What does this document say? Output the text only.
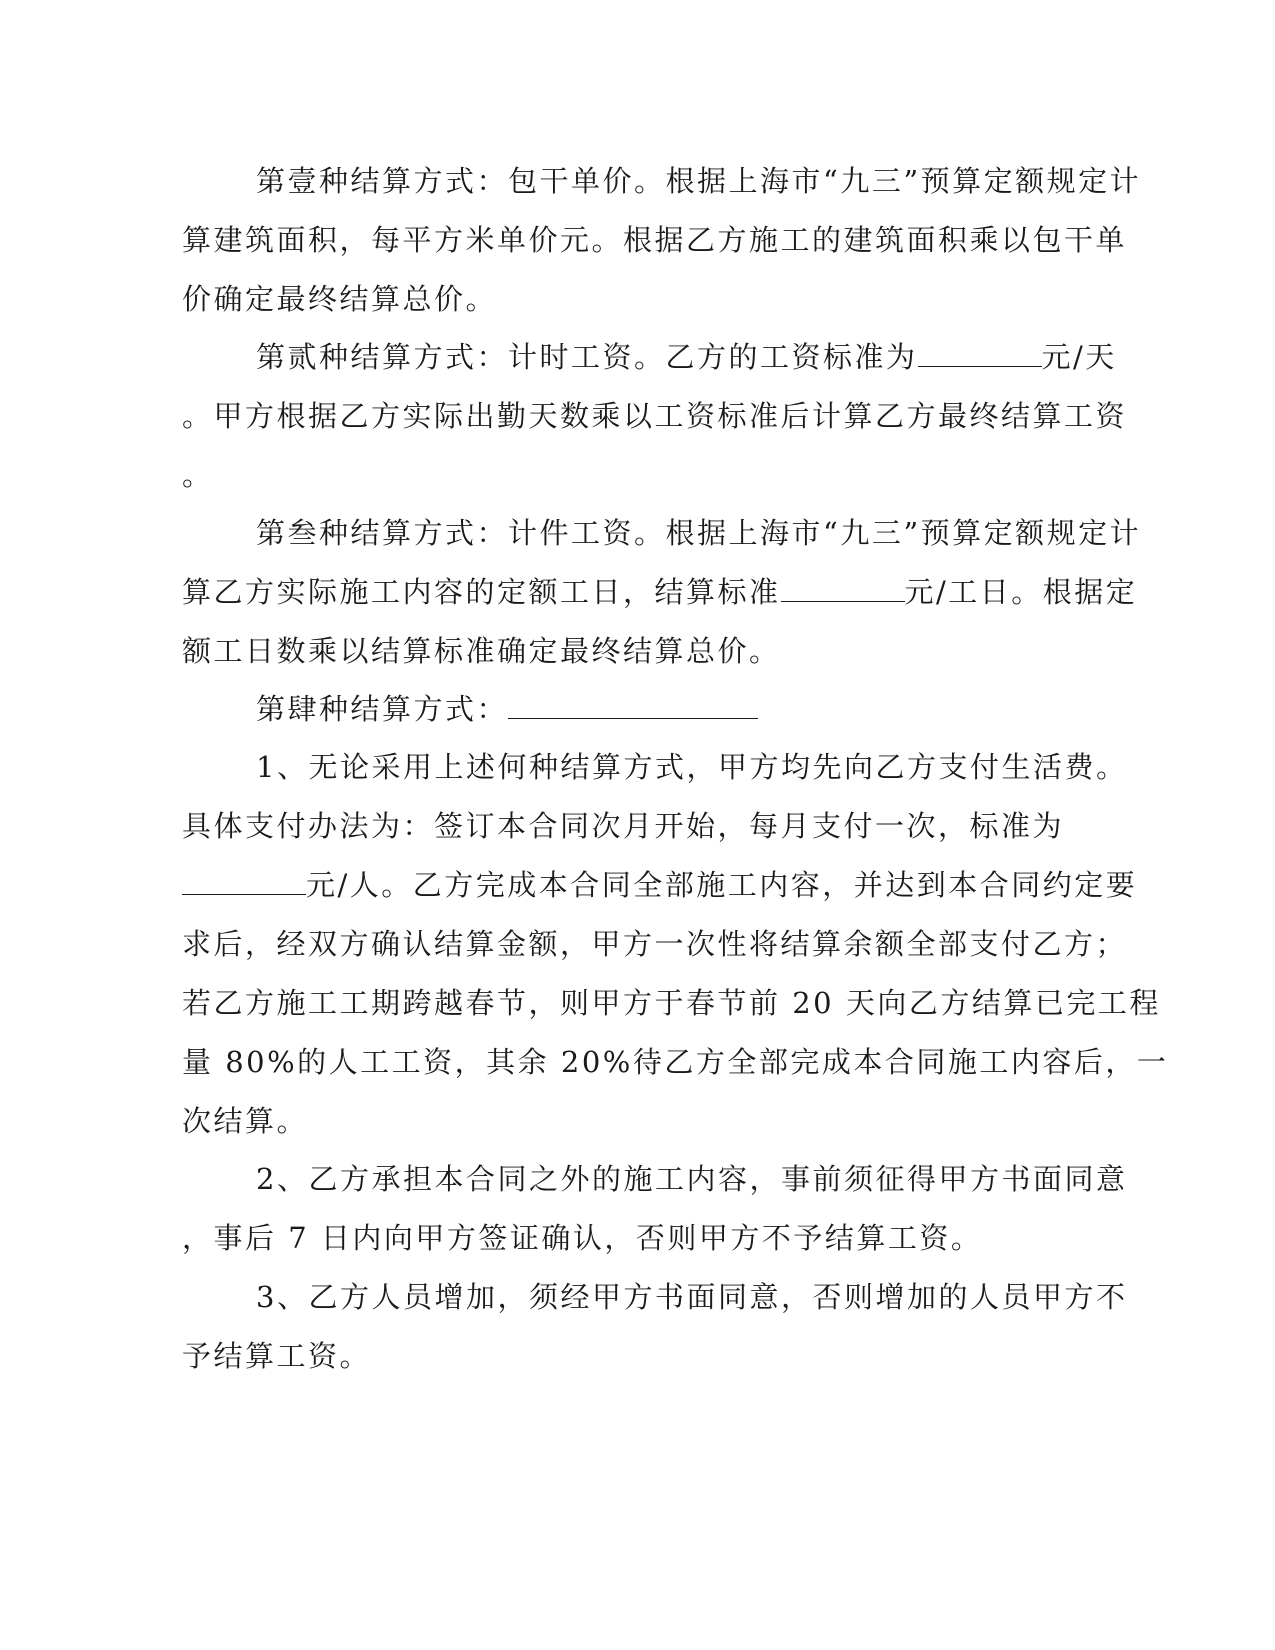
第壹种结算方式：包干单价。根据上海市“九三”预算定额规定计
算建筑面积，每平方米单价元。根据乙方施工的建筑面积乘以包干单
价确定最终结算总价。
第贰种结算方式：计时工资。乙方的工资标准为	元/天
。甲方根据乙方实际出勤天数乘以工资标准后计算乙方最终结算工资
。
第叁种结算方式：计件工资。根据上海市“九三”预算定额规定计
算乙方实际施工内容的定额工日，结算标准	元/工日。根据定
额工日数乘以结算标准确定最终结算总价。
第肆种结算方式：
1、无论采用上述何种结算方式，甲方均先向乙方支付生活费。
具体支付办法为：签订本合同次月开始，每月支付一次，标准为
元/人。乙方完成本合同全部施工内容，并达到本合同约定要
求后，经双方确认结算金额，甲方一次性将结算余额全部支付乙方；
若乙方施工工期跨越春节，则甲方于春节前 20 天向乙方结算已完工程
量 80%的人工工资，其余 20%待乙方全部完成本合同施工内容后，一
次结算。
2、乙方承担本合同之外的施工内容，事前须征得甲方书面同意
，事后 7 日内向甲方签证确认，否则甲方不予结算工资。
3、乙方人员增加，须经甲方书面同意，否则增加的人员甲方不
予结算工资。
